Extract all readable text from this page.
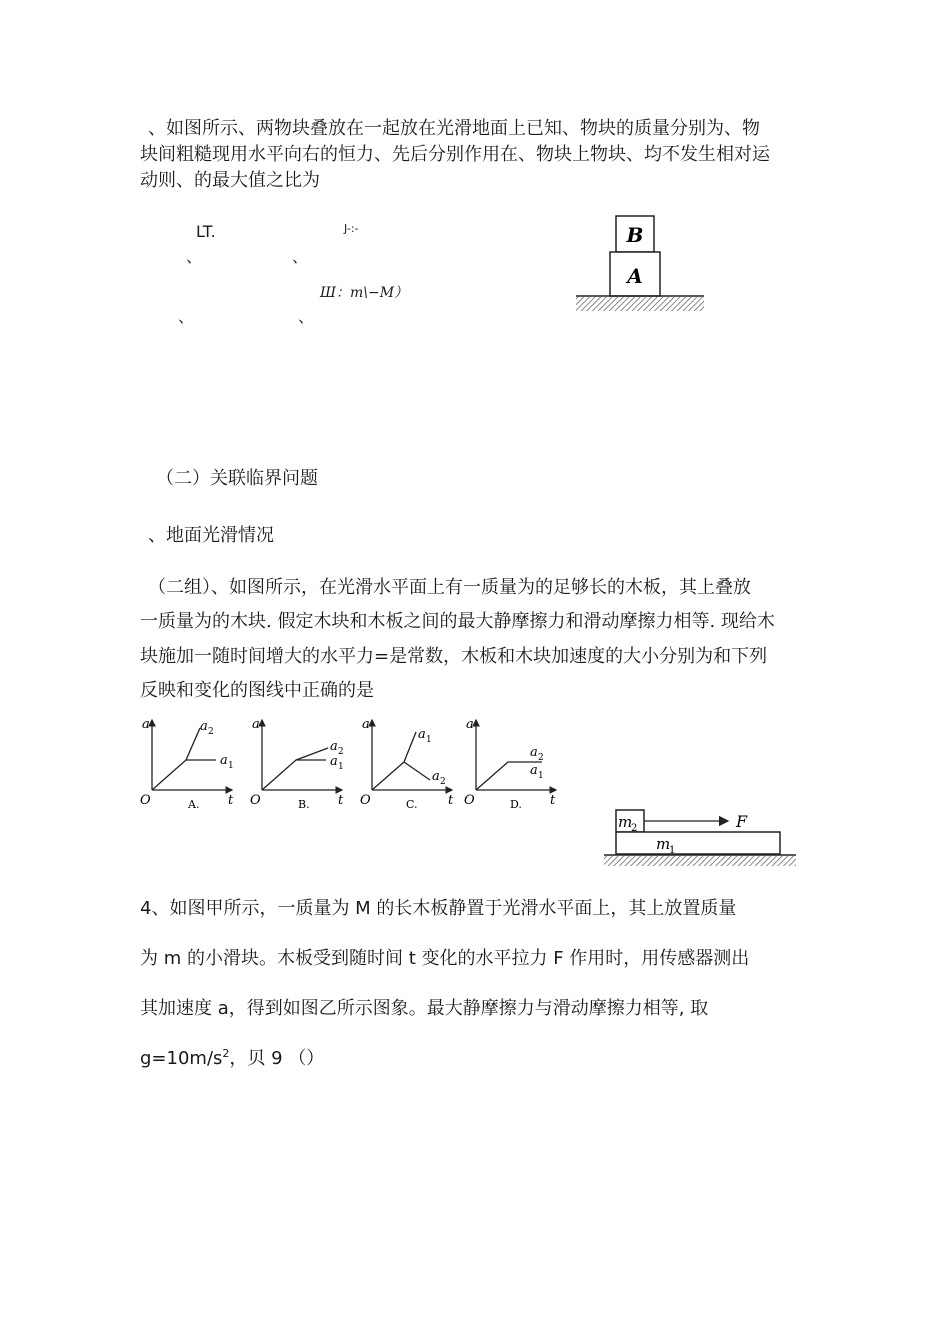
、如图所示、两物块叠放在一起放在光滑地面上已知、物块的质量分别为、物
块间粗糙现用水平向右的恒力、先后分别作用在、物块上物块、均不发生相对运
动则、的最大值之比为
LT.	J-:-
、	、
Ш：m\−M）
、	、
B
A
（二）关联临界问题
、地面光滑情况
（二组）、如图所示，在光滑水平面上有一质量为的足够长的木板，其上叠放
一质量为的木块. 假定木块和木板之间的最大静摩擦力和滑动摩擦力相等. 现给木
块施加一随时间增大的水平力=是常数，木板和木块加速度的大小分别为和下列
反映和变化的图线中正确的是
a
O	t
a 2
a 1
A.
a
O	t
a 2
a 1
B.
a
O	t
a 1
a 2
C.
a
O	t
a 2
a 1
D.
m
2
m
1
F
4、如图甲所示，一质量为 M 的长木板静置于光滑水平面上，其上放置质量
为 m 的小滑块。木板受到随时间 t 变化的水平拉力 F 作用时，用传感器测出
其加速度 a，得到如图乙所示图象。最大静摩擦力与滑动摩擦力相等, 取
$g=10m/s^2$，贝 9 （）
